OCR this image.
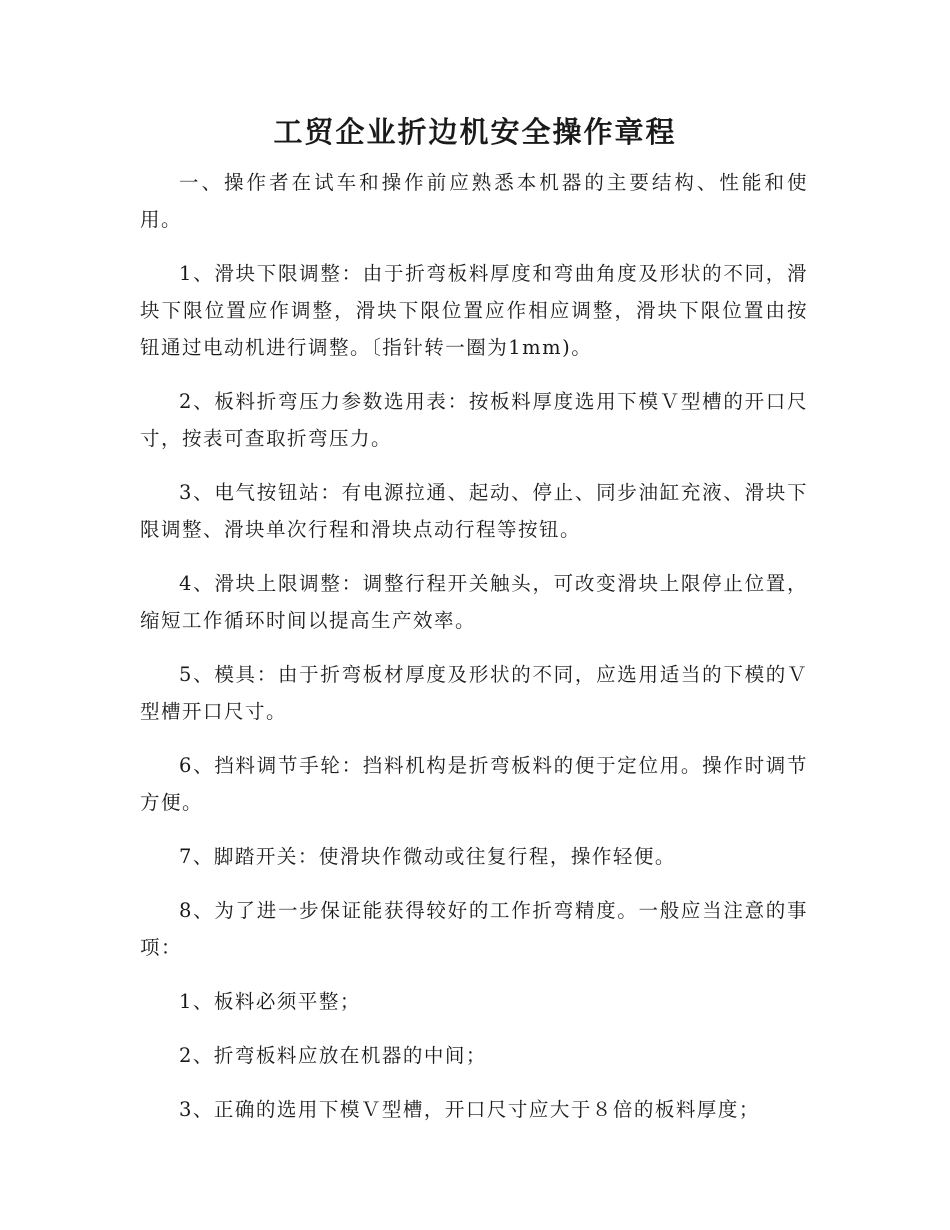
工贸企业折边机安全操作章程

一、操作者在试车和操作前应熟悉本机器的主要结构、性能和使用。

1、滑块下限调整：由于折弯板料厚度和弯曲角度及形状的不同，滑块下限位置应作调整，滑块下限位置应作相应调整，滑块下限位置由按钮通过电动机进行调整。〔指针转一圈为1mm)。

2、板料折弯压力参数选用表：按板料厚度选用下模Ｖ型槽的开口尺寸，按表可查取折弯压力。

3、电气按钮站：有电源拉通、起动、停止、同步油缸充液、滑块下限调整、滑块单次行程和滑块点动行程等按钮。

4、滑块上限调整：调整行程开关触头，可改变滑块上限停止位置，缩短工作循环时间以提高生产效率。

5、模具：由于折弯板材厚度及形状的不同，应选用适当的下模的Ｖ型槽开口尺寸。

6、挡料调节手轮：挡料机构是折弯板料的便于定位用。操作时调节方便。

7、脚踏开关：使滑块作微动或往复行程，操作轻便。

8、为了进一步保证能获得较好的工作折弯精度。一般应当注意的事项：

1、板料必须平整；

2、折弯板料应放在机器的中间；

3、正确的选用下模Ｖ型槽，开口尺寸应大于８倍的板料厚度；
